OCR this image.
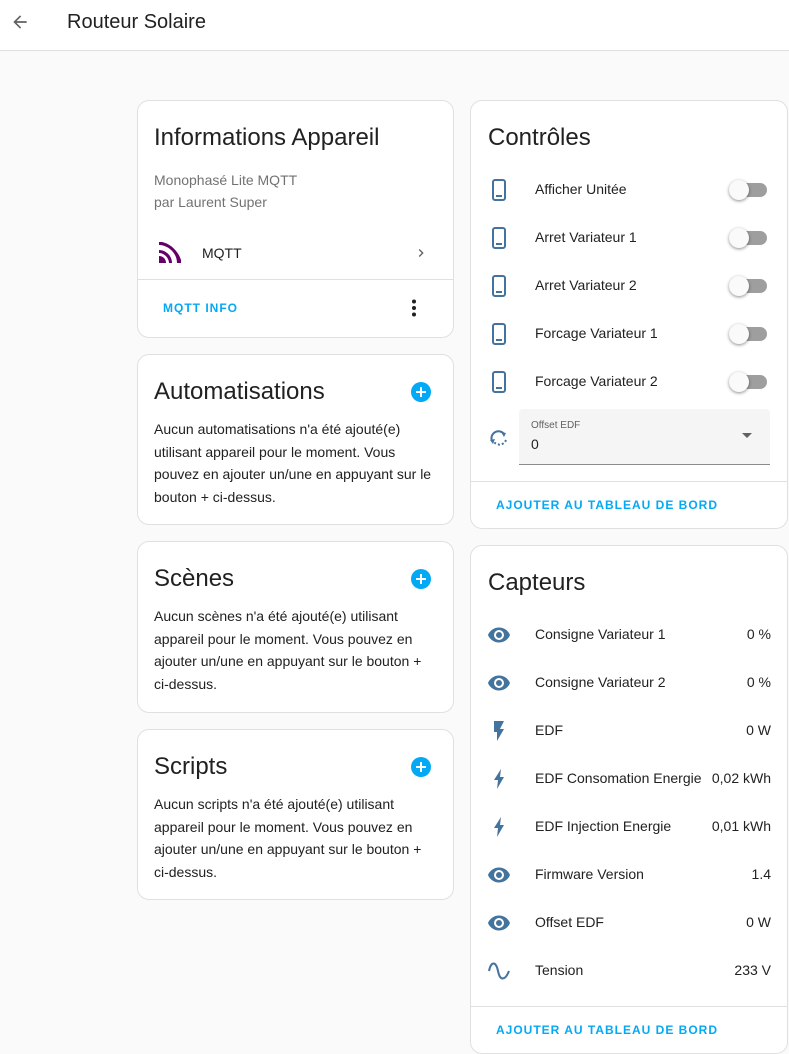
Routeur Solaire
Informations Appareil
Monophasé Lite MQTT
par Laurent Super
MQTT
MQTT INFO
Automatisations
Aucun automatisations n'a été ajouté(e) utilisant appareil pour le moment. Vous pouvez en ajouter un/une en appuyant sur le bouton + ci-dessus.
Scènes
Aucun scènes n'a été ajouté(e) utilisant appareil pour le moment. Vous pouvez en ajouter un/une en appuyant sur le bouton + ci-dessus.
Scripts
Aucun scripts n'a été ajouté(e) utilisant appareil pour le moment. Vous pouvez en ajouter un/une en appuyant sur le bouton + ci-dessus.
Contrôles
Afficher Unitée
Arret Variateur 1
Arret Variateur 2
Forcage Variateur 1
Forcage Variateur 2
Offset EDF
0
AJOUTER AU TABLEAU DE BORD
Capteurs
Consigne Variateur 1	0 %
Consigne Variateur 2	0 %
EDF	0 W
EDF Consomation Energie 0,02 kWh
EDF Injection Energie	0,01 kWh
Firmware Version	1.4
Offset EDF	0 W
Tension	233 V
AJOUTER AU TABLEAU DE BORD
